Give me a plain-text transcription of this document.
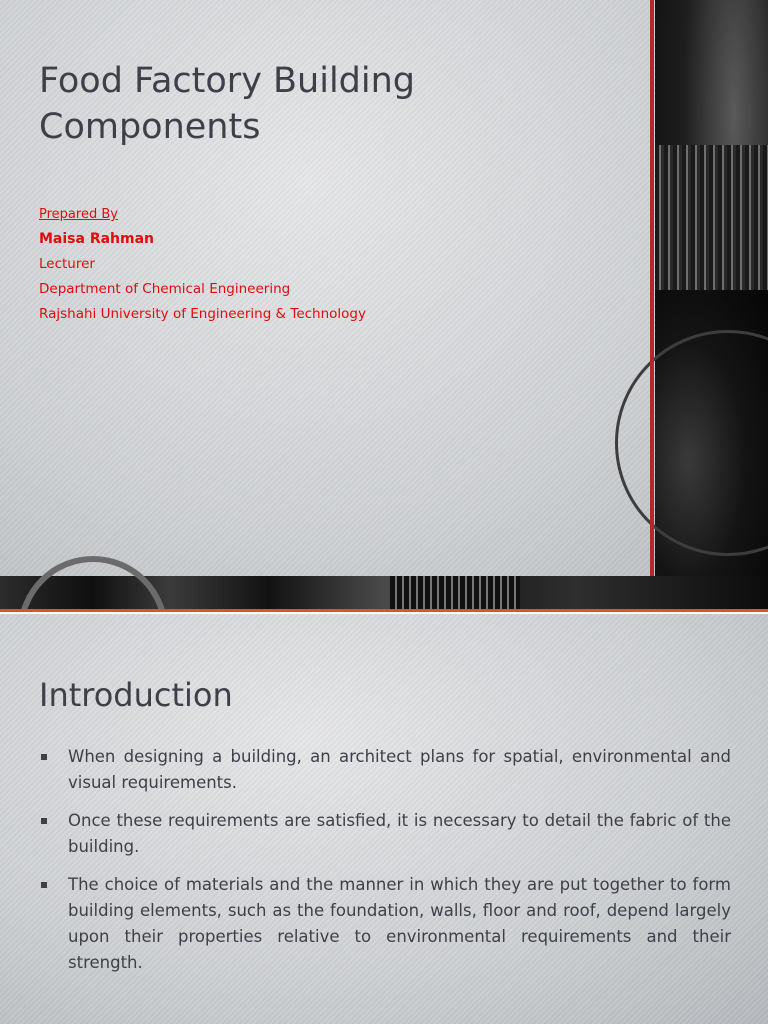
Food Factory Building Components
Prepared By
Maisa Rahman
Lecturer
Department of Chemical Engineering
Rajshahi University of Engineering & Technology
Introduction
When designing a building, an architect plans for spatial, environmental and visual requirements.
Once these requirements are satisfied, it is necessary to detail the fabric of the building.
The choice of materials and the manner in which they are put together to form building elements, such as the foundation, walls, floor and roof, depend largely upon their properties relative to environmental requirements and their strength.
